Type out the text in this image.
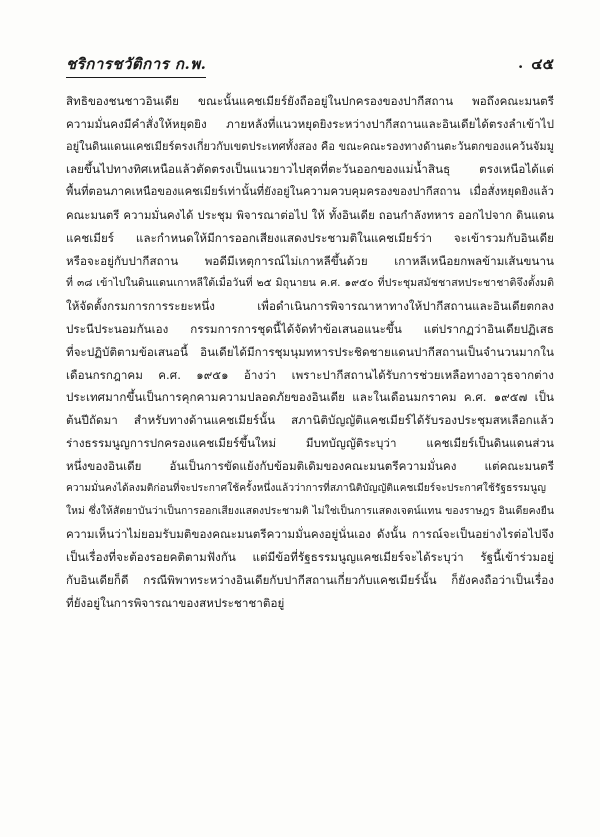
ชริการชวัติการ ก.พ.	. ๔๕
สิทธิของชนชาวอินเดีย ขณะนั้นแคชเมียร์ยังถืออยู่ในปกครองของปากีสถาน พอถึงคณะมนตรี
ความมั่นคงมีคำสั่งให้หยุดยิง ภายหลังที่แนวหยุดยิงระหว่างปากีสถานและอินเดียได้ตรงลำเข้าไป
อยู่ในดินแดนแคชเมียร์ตรงเกี่ยวกับเขตประเทศทั้งสอง คือ ขณะคณะรองทางด้านตะวันตกของแคว้นจัมมู
เลยขึ้นไปทางทิศเหนือแล้วตัดตรงเป็นแนวยาวไปสุดที่ตะวันออกของแม่น้ำสินธุ ตรงเหนือได้แต่
พื้นที่ตอนภาคเหนือของแคชเมียร์เท่านั้นที่ยังอยู่ในความควบคุมครองของปากีสถาน เมื่อสั่งหยุดยิงแล้ว
คณะมนตรี ความมั่นคงได้ ประชุม พิจารณาต่อไป ให้ ทั้งอินเดีย ถอนกำลังทหาร ออกไปจาก ดินแดน
แคชเมียร์ และกำหนดให้มีการออกเสียงแสดงประชามติในแคชเมียร์ว่า จะเข้ารวมกับอินเดีย
หรือจะอยู่กับปากีสถาน พอดีมีเหตุการณ์ไม่เกาหลีขึ้นด้วย เกาหลีเหนือยกพลข้ามเส้นขนาน
ที่ ๓๘ เข้าไปในดินแดนเกาหลีใต้เมื่อวันที่ ๒๕ มิถุนายน ค.ศ. ๑๙๕๐ ที่ประชุมสมัชชาสหประชาชาติจึงตั้งมติ
ให้จัดตั้งกรมการการระยะหนึ่ง เพื่อดำเนินการพิจารณาหาทางให้ปากีสถานและอินเดียตกลง
ประนีประนอมกันเอง กรรมการการชุดนี้ได้จัดทำข้อเสนอแนะขึ้น แต่ปรากฏว่าอินเดียปฏิเสธ
ที่จะปฏิบัติตามข้อเสนอนี้ อินเดียได้มีการชุมนุมทหารประชิดชายแดนปากีสถานเป็นจำนวนมากใน
เดือนกรกฎาคม ค.ศ. ๑๙๕๑ อ้างว่า เพราะปากีสถานได้รับการช่วยเหลือทางอาวุธจากต่าง
ประเทศมากขึ้นเป็นการคุกคามความปลอดภัยของอินเดีย และในเดือนมกราคม ค.ศ. ๑๙๕๗ เป็น
ต้นปีถัดมา สำหรับทางด้านแคชเมียร์นั้น สภานิติบัญญัติแคชเมียร์ได้รับรองประชุมสหเลือกแล้ว
ร่างธรรมนูญการปกครองแคชเมียร์ขึ้นใหม่ มีบทบัญญัติระบุว่า แคชเมียร์เป็นดินแดนส่วน
หนึ่งของอินเดีย อันเป็นการขัดแย้งกับข้อมติเดิมของคณะมนตรีความมั่นคง แต่คณะมนตรี
ความมั่นคงได้ลงมติก่อนที่จะประกาศใช้ครั้งหนึ่งแล้วว่าการที่สภานิติบัญญัติแคชเมียร์จะประกาศใช้รัฐธรรมนูญ
ใหม่ ซึ่งให้สัตยาบันว่าเป็นการออกเสียงแสดงประชามติ ไม่ใช่เป็นการแสดงเจตน์แทน ของราษฎร อินเดียคงยืน
ความเห็นว่าไม่ยอมรับมติของคณะมนตรีความมั่นคงอยู่นั่นเอง ดังนั้น การณ์จะเป็นอย่างไรต่อไปจึง
เป็นเรื่องที่จะต้องรอยคติตามฟังกัน แต่มีข้อที่รัฐธรรมนูญแคชเมียร์จะได้ระบุว่า รัฐนี้เข้าร่วมอยู่
กับอินเดียก็ดี กรณีพิพาทระหว่างอินเดียกับปากีสถานเกี่ยวกับแคชเมียร์นั้น ก็ยังคงถือว่าเป็นเรื่อง
ที่ยังอยู่ในการพิจารณาของสหประชาชาติอยู่
